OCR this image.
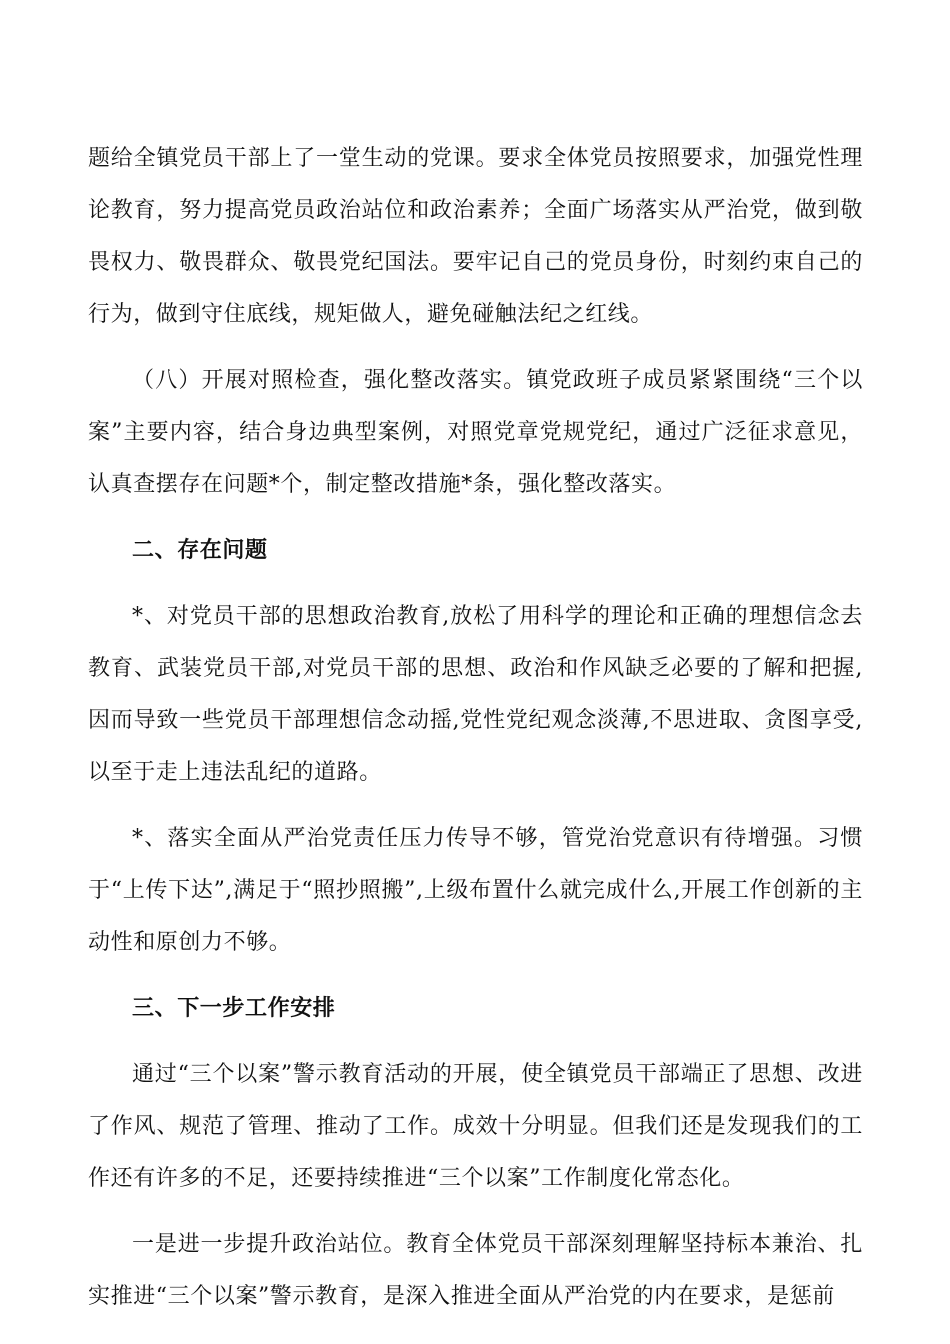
题给全镇党员干部上了一堂生动的党课。要求全体党员按照要求，加强党性理论教育，努力提高党员政治站位和政治素养；全面广场落实从严治党，做到敬畏权力、敬畏群众、敬畏党纪国法。要牢记自己的党员身份，时刻约束自己的行为，做到守住底线，规矩做人，避免碰触法纪之红线。

（八）开展对照检查，强化整改落实。镇党政班子成员紧紧围绕“三个以案”主要内容，结合身边典型案例，对照党章党规党纪，通过广泛征求意见，认真查摆存在问题*个，制定整改措施*条，强化整改落实。

二、存在问题

*、对党员干部的思想政治教育,放松了用科学的理论和正确的理想信念去教育、武装党员干部,对党员干部的思想、政治和作风缺乏必要的了解和把握,因而导致一些党员干部理想信念动摇,党性党纪观念淡薄,不思进取、贪图享受,以至于走上违法乱纪的道路。

*、落实全面从严治党责任压力传导不够，管党治党意识有待增强。习惯于“上传下达”,满足于“照抄照搬”,上级布置什么就完成什么,开展工作创新的主动性和原创力不够。

三、下一步工作安排

通过“三个以案”警示教育活动的开展，使全镇党员干部端正了思想、改进了作风、规范了管理、推动了工作。成效十分明显。但我们还是发现我们的工作还有许多的不足，还要持续推进“三个以案”工作制度化常态化。

一是进一步提升政治站位。教育全体党员干部深刻理解坚持标本兼治、扎实推进“三个以案”警示教育，是深入推进全面从严治党的内在要求，是惩前
